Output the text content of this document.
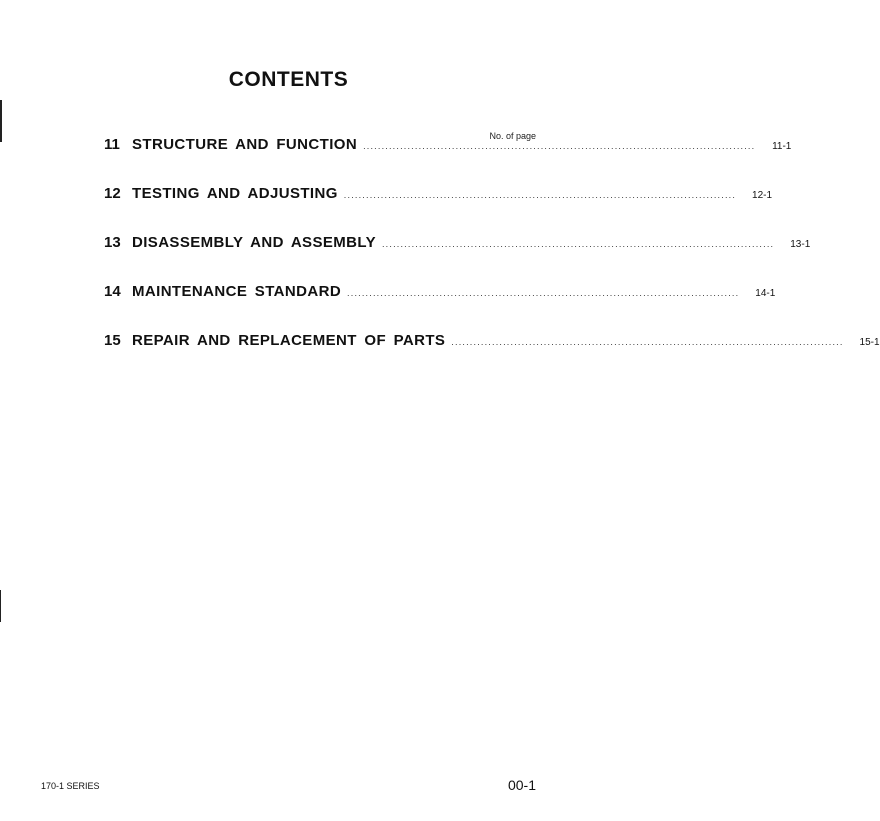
CONTENTS
No. of page
11 STRUCTURE AND FUNCTION ..........................................................................................................	11-1
12 TESTING AND ADJUSTING ..........................................................................................................	12-1
13 DISASSEMBLY AND ASSEMBLY ..........................................................................................................	13-1
14 MAINTENANCE STANDARD ..........................................................................................................	14-1
15 REPAIR AND REPLACEMENT OF PARTS ..........................................................................................................	15-1
170-1 SERIES	00-1
